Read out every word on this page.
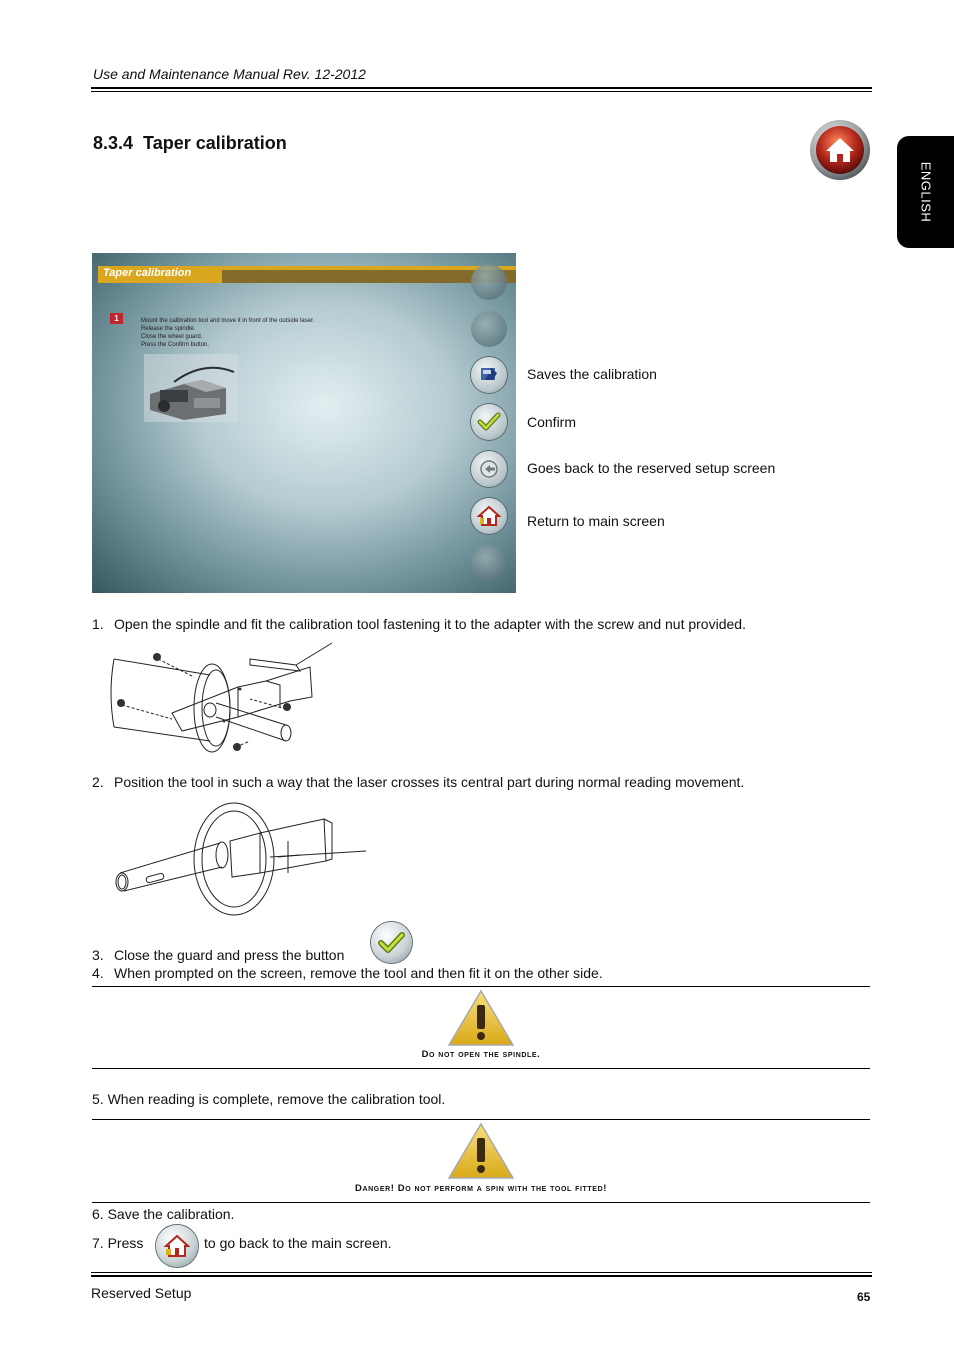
Use and Maintenance Manual Rev. 12-2012
ENGLISH
8.3.4 Taper calibration
Taper calibration
1	Mount the calibration tool and move it in front of the outside laser.
Release the spindle.
Close the wheel guard.
Press the Confirm button.
Saves the calibration
Confirm
Goes back to the reserved setup screen
Return to main screen
1. Open the spindle and fit the calibration tool fastening it to the adapter with the screw and nut provided.
2. Position the tool in such a way that the laser crosses its central part during normal reading movement.
3. Close the guard and press the button
4. When prompted on the screen, remove the tool and then fit it on the other side.
Do not open the spindle.
5. When reading is complete, remove the calibration tool.
Danger! Do not perform a spin with the tool fitted!
6. Save the calibration.
7. Press	to go back to the main screen.
Reserved Setup	65
